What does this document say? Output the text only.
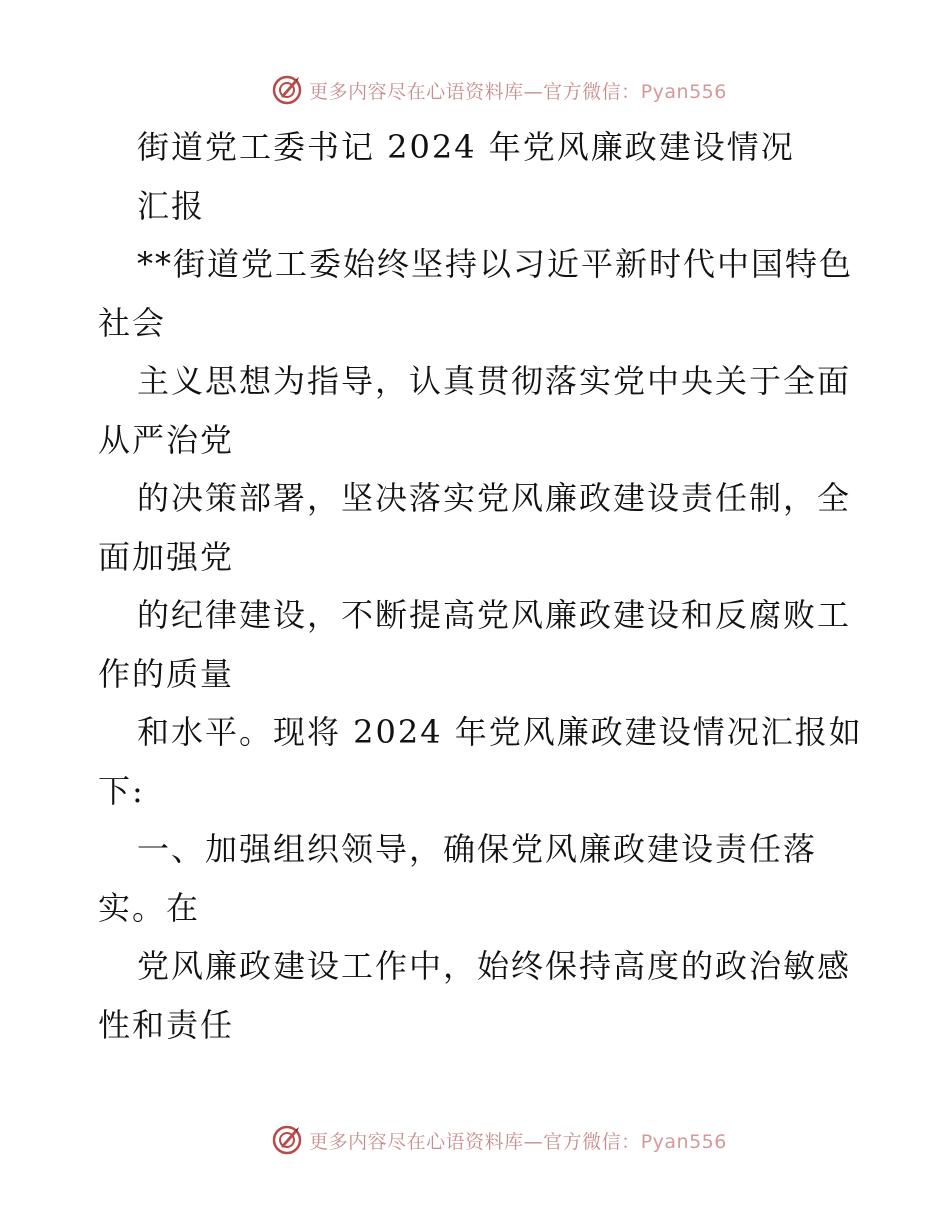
更多内容尽在心语资料库—官方微信：Pyan556
街道党工委书记 2024 年党风廉政建设情况
汇报
**街道党工委始终坚持以习近平新时代中国特色
社会
主义思想为指导，认真贯彻落实党中央关于全面
从严治党
的决策部署，坚决落实党风廉政建设责任制，全
面加强党
的纪律建设，不断提高党风廉政建设和反腐败工
作的质量
和水平。现将 2024 年党风廉政建设情况汇报如
下:
一、加强组织领导，确保党风廉政建设责任落
实。在
党风廉政建设工作中，始终保持高度的政治敏感
性和责任
更多内容尽在心语资料库—官方微信：Pyan556
